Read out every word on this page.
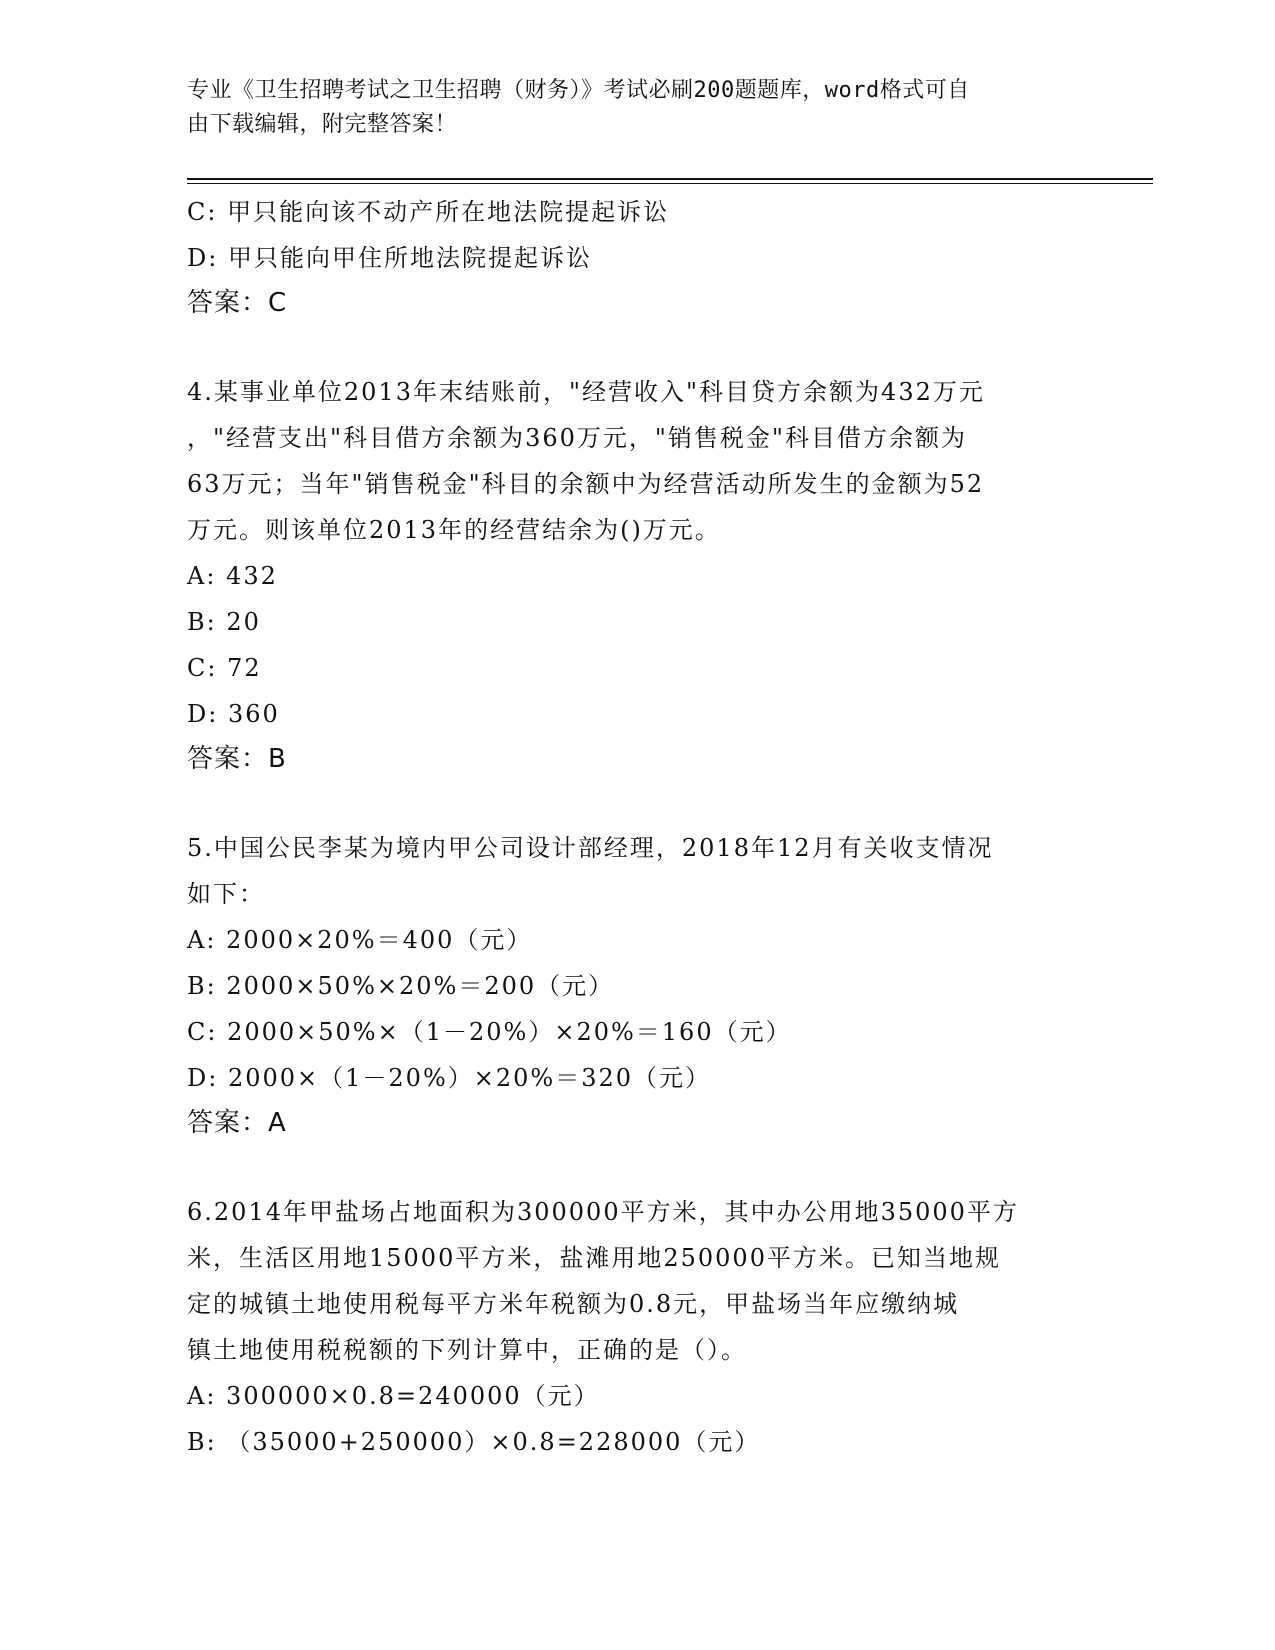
专业《卫生招聘考试之卫生招聘（财务）》考试必刷200题题库，word格式可自
由下载编辑，附完整答案！
C: 甲只能向该不动产所在地法院提起诉讼
D: 甲只能向甲住所地法院提起诉讼
答案：C
4.某事业单位2013年末结账前，"经营收入"科目贷方余额为432万元
，"经营支出"科目借方余额为360万元，"销售税金"科目借方余额为
63万元；当年"销售税金"科目的余额中为经营活动所发生的金额为52
万元。则该单位2013年的经营结余为()万元。
A: 432
B: 20
C: 72
D: 360
答案：B
5.中国公民李某为境内甲公司设计部经理，2018年12月有关收支情况
如下：
A: 2000×20%＝400（元）
B: 2000×50%×20%＝200（元）
C: 2000×50%×（1－20%）×20%＝160（元）
D: 2000×（1－20%）×20%＝320（元）
答案：A
6.2014年甲盐场占地面积为300000平方米，其中办公用地35000平方
米，生活区用地15000平方米，盐滩用地250000平方米。已知当地规
定的城镇土地使用税每平方米年税额为0.8元，甲盐场当年应缴纳城
镇土地使用税税额的下列计算中，正确的是（）。
A: 300000×0.8=240000（元）
B: （35000+250000）×0.8=228000（元）
